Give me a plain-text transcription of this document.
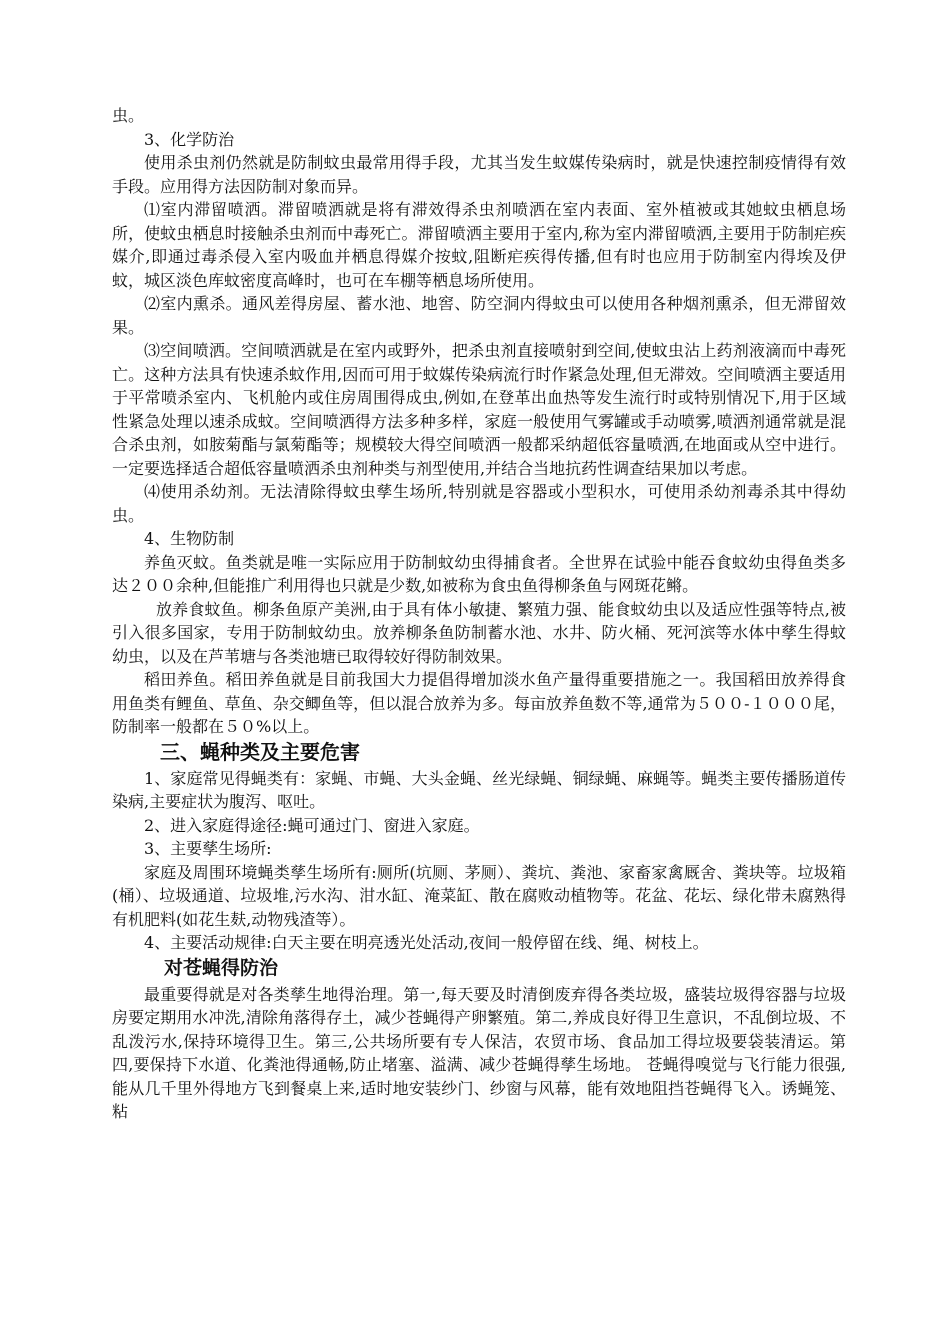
虫。

3、化学防治

使用杀虫剂仍然就是防制蚊虫最常用得手段，尤其当发生蚊媒传染病时，就是快速控制疫情得有效手段。应用得方法因防制对象而异。

⑴室内滞留喷洒。滞留喷洒就是将有滞效得杀虫剂喷洒在室内表面、室外植被或其她蚊虫栖息场所，使蚊虫栖息时接触杀虫剂而中毒死亡。滞留喷洒主要用于室内,称为室内滞留喷洒,主要用于防制疟疾媒介,即通过毒杀侵入室内吸血并栖息得媒介按蚊,阻断疟疾得传播,但有时也应用于防制室内得埃及伊蚊，城区淡色库蚊密度高峰时，也可在车棚等栖息场所使用。

⑵室内熏杀。通风差得房屋、蓄水池、地窖、防空洞内得蚊虫可以使用各种烟剂熏杀，但无滞留效果。

⑶空间喷洒。空间喷洒就是在室内或野外，把杀虫剂直接喷射到空间,使蚊虫沾上药剂液滴而中毒死亡。这种方法具有快速杀蚊作用,因而可用于蚊媒传染病流行时作紧急处理,但无滞效。空间喷洒主要适用于平常喷杀室内、飞机舱内或住房周围得成虫,例如,在登革出血热等发生流行时或特别情况下,用于区域性紧急处理以速杀成蚊。空间喷洒得方法多种多样，家庭一般使用气雾罐或手动喷雾,喷洒剂通常就是混合杀虫剂，如胺菊酯与氯菊酯等；规模较大得空间喷洒一般都采纳超低容量喷洒,在地面或从空中进行。一定要选择适合超低容量喷洒杀虫剂种类与剂型使用,并结合当地抗药性调查结果加以考虑。

⑷使用杀幼剂。无法清除得蚊虫孳生场所,特别就是容器或小型积水，可使用杀幼剂毒杀其中得幼虫。

4、生物防制

养鱼灭蚊。鱼类就是唯一实际应用于防制蚊幼虫得捕食者。全世界在试验中能吞食蚊幼虫得鱼类多达２００余种,但能推广利用得也只就是少数,如被称为食虫鱼得柳条鱼与网斑花鳉。

放养食蚊鱼。柳条鱼原产美洲,由于具有体小敏捷、繁殖力强、能食蚊幼虫以及适应性强等特点,被引入很多国家，专用于防制蚊幼虫。放养柳条鱼防制蓄水池、水井、防火桶、死河滨等水体中孳生得蚊幼虫，以及在芦苇塘与各类池塘已取得较好得防制效果。

稻田养鱼。稻田养鱼就是目前我国大力提倡得增加淡水鱼产量得重要措施之一。我国稻田放养得食用鱼类有鲤鱼、草鱼、杂交鲫鱼等，但以混合放养为多。每亩放养鱼数不等,通常为５００-１０００尾，防制率一般都在５０%以上。

三、蝇种类及主要危害

1、家庭常见得蝇类有：家蝇、市蝇、大头金蝇、丝光绿蝇、铜绿蝇、麻蝇等。蝇类主要传播肠道传染病,主要症状为腹泻、呕吐。

2、进入家庭得途径:蝇可通过门、窗进入家庭。

3、主要孳生场所:

家庭及周围环境蝇类孳生场所有:厕所(坑厕、茅厕）、粪坑、粪池、家畜家禽厩舍、粪块等。垃圾箱(桶）、垃圾通道、垃圾堆,污水沟、泔水缸、淹菜缸、散在腐败动植物等。花盆、花坛、绿化带未腐熟得有机肥料(如花生麸,动物残渣等）。

4、主要活动规律:白天主要在明亮透光处活动,夜间一般停留在线、绳、树枝上。

对苍蝇得防治

最重要得就是对各类孳生地得治理。第一,每天要及时清倒废弃得各类垃圾，盛装垃圾得容器与垃圾房要定期用水冲洗,清除角落得存土，减少苍蝇得产卵繁殖。第二,养成良好得卫生意识，不乱倒垃圾、不乱泼污水,保持环境得卫生。第三,公共场所要有专人保洁，农贸市场、食品加工得垃圾要袋装清运。第四,要保持下水道、化粪池得通畅,防止堵塞、溢满、减少苍蝇得孳生场地。 苍蝇得嗅觉与飞行能力很强,能从几千里外得地方飞到餐桌上来,适时地安装纱门、纱窗与风幕，能有效地阻挡苍蝇得飞入。诱蝇笼、粘
